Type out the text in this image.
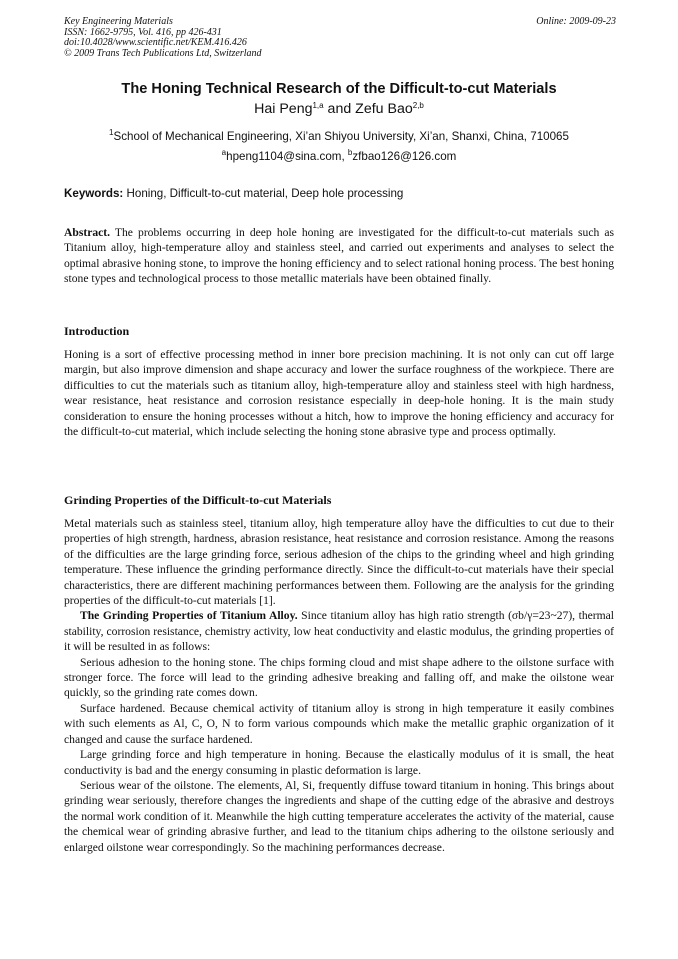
Key Engineering Materials
ISSN: 1662-9795, Vol. 416, pp 426-431
doi:10.4028/www.scientific.net/KEM.416.426
© 2009 Trans Tech Publications Ltd, Switzerland
Online: 2009-09-23
The Honing Technical Research of the Difficult-to-cut Materials
Hai Peng$^{1,a}$ and Zefu Bao$^{2,b}$
$^1$School of Mechanical Engineering, Xi’an Shiyou University, Xi’an, Shanxi, China, 710065
$^a$hpeng1104@sina.com, $^b$zfbao126@126.com
Keywords: Honing, Difficult-to-cut material, Deep hole processing

Abstract. The problems occurring in deep hole honing are investigated for the difficult-to-cut materials such as Titanium alloy, high-temperature alloy and stainless steel, and carried out experiments and analyses to select the optimal abrasive honing stone, to improve the honing efficiency and to select rational honing process. The best honing stone types and technological process to those metallic materials have been obtained finally.

Introduction

Honing is a sort of effective processing method in inner bore precision machining. It is not only can cut off large margin, but also improve dimension and shape accuracy and lower the surface roughness of the workpiece. There are difficulties to cut the materials such as titanium alloy, high-temperature alloy and stainless steel with high hardness, wear resistance, heat resistance and corrosion resistance especially in deep-hole honing. It is the main study consideration to ensure the honing processes without a hitch, how to improve the honing efficiency and accuracy for the difficult-to-cut material, which include selecting the honing stone abrasive type and process optimally.

Grinding Properties of the Difficult-to-cut Materials

Metal materials such as stainless steel, titanium alloy, high temperature alloy have the difficulties to cut due to their properties of high strength, hardness, abrasion resistance, heat resistance and corrosion resistance. Among the reasons of the difficulties are the large grinding force, serious adhesion of the chips to the grinding wheel and high grinding temperature. These influence the grinding performance directly. Since the difficult-to-cut materials have their special characteristics, there are different machining performances between them. Following are the analysis for the grinding properties of the difficult-to-cut materials [1].

The Grinding Properties of Titanium Alloy. Since titanium alloy has high ratio strength (σb/γ=23~27), thermal stability, corrosion resistance, chemistry activity, low heat conductivity and elastic modulus, the grinding properties of it will be resulted in as follows:

Serious adhesion to the honing stone. The chips forming cloud and mist shape adhere to the oilstone surface with stronger force. The force will lead to the grinding adhesive breaking and falling off, and make the oilstone wear quickly, so the grinding rate comes down.

Surface hardened. Because chemical activity of titanium alloy is strong in high temperature it easily combines with such elements as Al, C, O, N to form various compounds which make the metallic graphic organization of it changed and cause the surface hardened.

Large grinding force and high temperature in honing. Because the elastically modulus of it is small, the heat conductivity is bad and the energy consuming in plastic deformation is large.

Serious wear of the oilstone. The elements, Al, Si, frequently diffuse toward titanium in honing. This brings about grinding wear seriously, therefore changes the ingredients and shape of the cutting edge of the abrasive and destroys the normal work condition of it. Meanwhile the high cutting temperature accelerates the activity of the material, cause the chemical wear of grinding abrasive further, and lead to the titanium chips adhering to the oilstone seriously and enlarged oilstone wear correspondingly. So the machining performances decrease.
